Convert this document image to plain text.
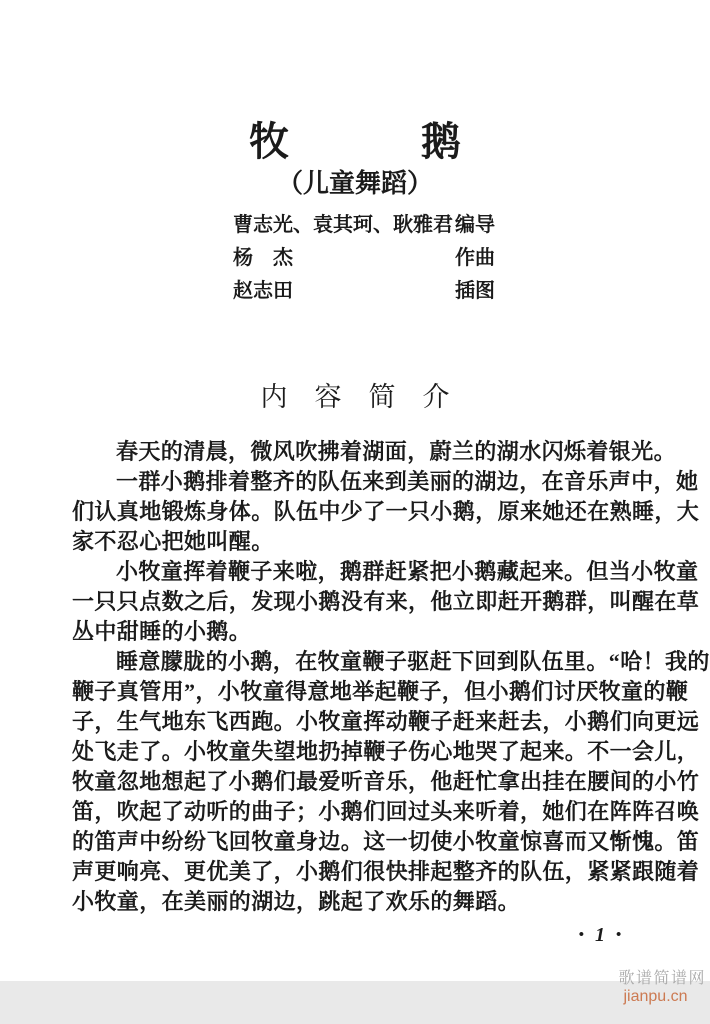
牧鹅
（儿童舞蹈）
曹志光、袁其珂、耿雅君 编导
杨　杰	作曲
赵志田	插图
内容简介
春天的清晨，微风吹拂着湖面，蔚兰的湖水闪烁着银光。
一群小鹅排着整齐的队伍来到美丽的湖边，在音乐声中，她
们认真地锻炼身体。队伍中少了一只小鹅，原来她还在熟睡，大
家不忍心把她叫醒。
小牧童挥着鞭子来啦，鹅群赶紧把小鹅藏起来。但当小牧童
一只只点数之后，发现小鹅没有来，他立即赶开鹅群，叫醒在草
丛中甜睡的小鹅。
睡意朦胧的小鹅，在牧童鞭子驱赶下回到队伍里。“哈！我的
鞭子真管用”，小牧童得意地举起鞭子，但小鹅们讨厌牧童的鞭
子，生气地东飞西跑。小牧童挥动鞭子赶来赶去，小鹅们向更远
处飞走了。小牧童失望地扔掉鞭子伤心地哭了起来。不一会儿，
牧童忽地想起了小鹅们最爱听音乐，他赶忙拿出挂在腰间的小竹
笛，吹起了动听的曲子；小鹅们回过头来听着，她们在阵阵召唤
的笛声中纷纷飞回牧童身边。这一切使小牧童惊喜而又惭愧。笛
声更响亮、更优美了，小鹅们很快排起整齐的队伍，紧紧跟随着
小牧童，在美丽的湖边，跳起了欢乐的舞蹈。
• 1 •

歌谱简谱网
jianpu.cn
